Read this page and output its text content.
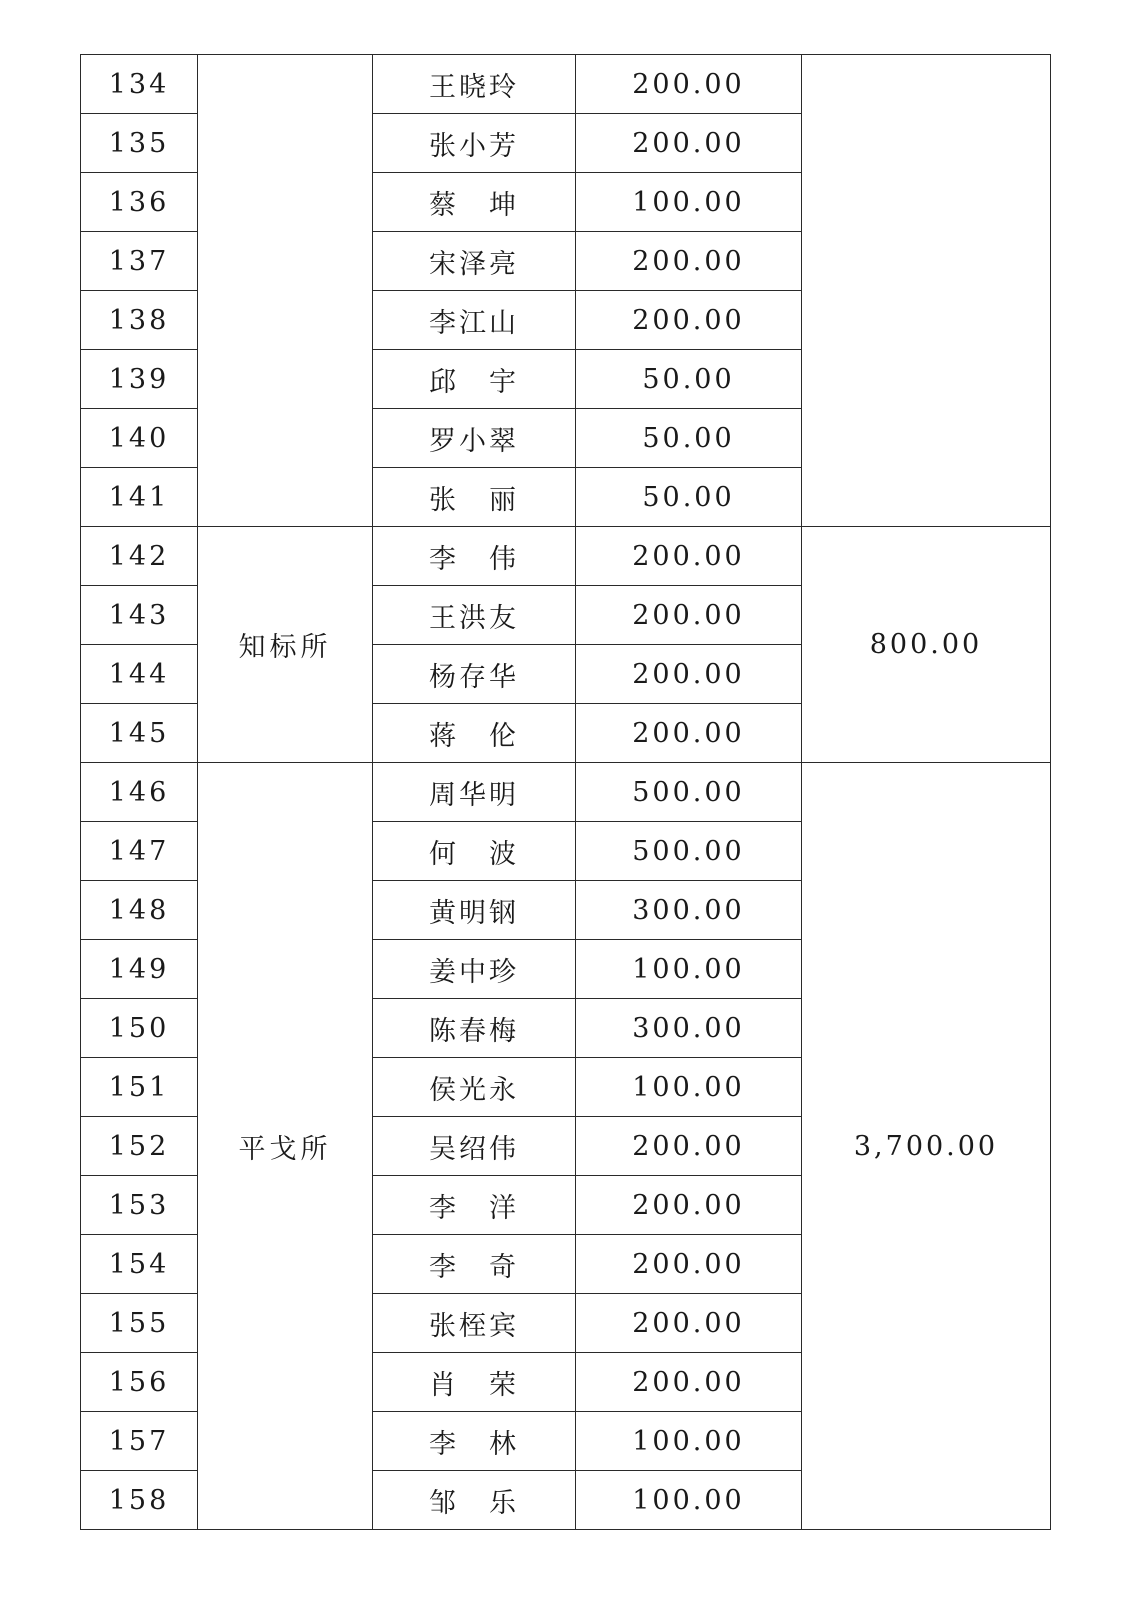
134		王晓玲	200.00	
135		张小芳	200.00	
136		蔡　坤	100.00	
137		宋泽亮	200.00	
138		李江山	200.00	
139		邱　宇	50.00	
140		罗小翠	50.00	
141		张　丽	50.00	
142	知标所	李　伟	200.00	800.00
143		王洪友	200.00	
144		杨存华	200.00	
145		蒋　伦	200.00	
146	平戈所	周华明	500.00	3,700.00
147		何　波	500.00	
148		黄明钢	300.00	
149		姜中珍	100.00	
150		陈春梅	300.00	
151		侯光永	100.00	
152		吴绍伟	200.00	
153		李　洋	200.00	
154		李　奇	200.00	
155		张桎宾	200.00	
156		肖　荣	200.00	
157		李　林	100.00	
158		邹　乐	100.00	
